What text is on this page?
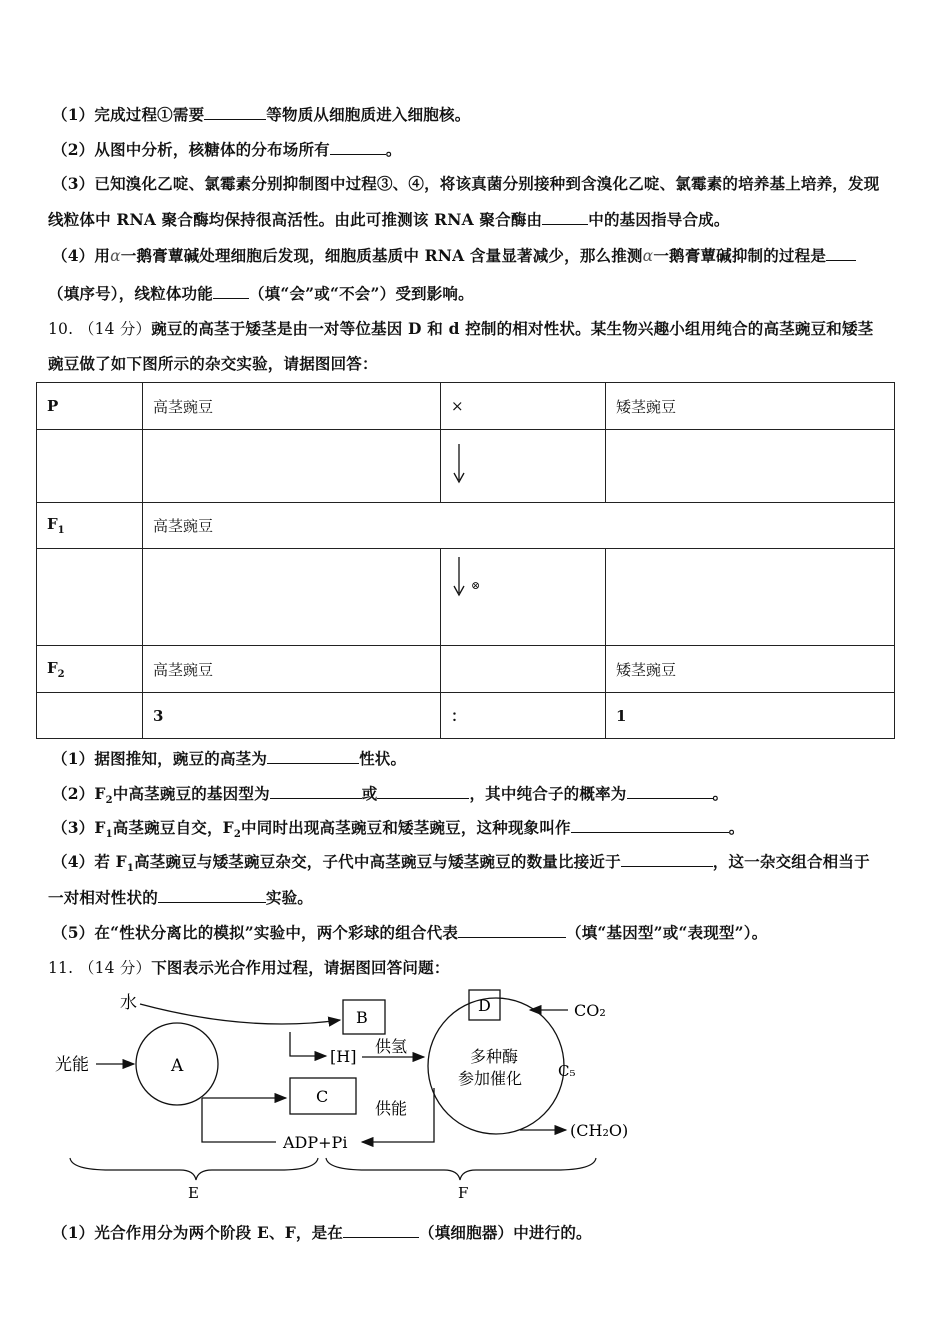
（1）完成过程①需要	等物质从细胞质进入细胞核。
（2）从图中分析，核糖体的分布场所有	。
（3）已知溴化乙啶、氯霉素分别抑制图中过程③、④，将该真菌分别接种到含溴化乙啶、氯霉素的培养基上培养，发现
线粒体中 RNA 聚合酶均保持很高活性。由此可推测该 RNA 聚合酶由	中的基因指导合成。
（4）用α一鹅膏蕈碱处理细胞后发现，细胞质基质中 RNA 含量显著减少，那么推测α一鹅膏蕈碱抑制的过程是
（填序号），线粒体功能 （填“会”或“不会”）受到影响。
10. （14 分）豌豆的高茎于矮茎是由一对等位基因 D 和 d 控制的相对性状。某生物兴趣小组用纯合的高茎豌豆和矮茎
豌豆做了如下图所示的杂交实验，请据图回答：
P	高茎豌豆	×	矮茎豌豆

$F_1$	高茎豌豆		
		⊗	
$F_2$	高茎豌豆		矮茎豌豆
	3	：	1
（1）据图推知，豌豆的高茎为	性状。
$(2)F_2$中高茎豌豆的基因型为	或	，其中纯合子的概率为	。
$(3)F_1$高茎豌豆自交，$F_2$中同时出现高茎豌豆和矮茎豌豆，这种现象叫作	。
（4）若 $F_1$高茎豌豆与矮茎豌豆杂交，子代中高茎豌豆与矮茎豌豆的数量比接近于	，这一杂交组合相当于
一对相对性状的	实验。
（5）在“性状分离比的模拟”实验中，两个彩球的组合代表	（填“基因型”或“表现型”）。
11. （14 分）下图表示光合作用过程，请据图回答问题：
水
光能	A
B
[H]
供氢
C
供能
ADP+Pi
多种酶
参加催化
D	CO₂
C₅
(CH₂O)
E	F
（1）光合作用分为两个阶段 E、F，是在	（填细胞器）中进行的。
